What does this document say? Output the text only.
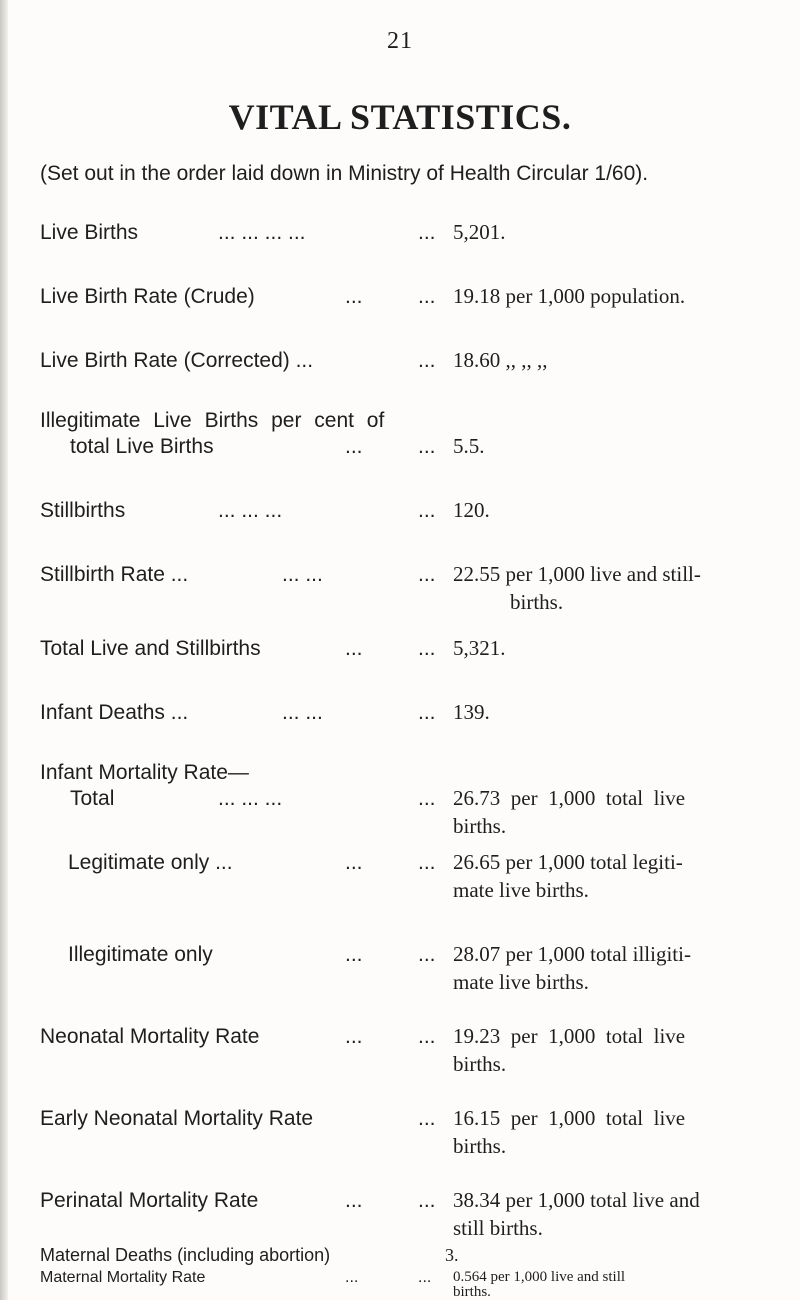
21
VITAL STATISTICS.
(Set out in the order laid down in Ministry of Health Circular 1/60).
Live Births	... ... ... ...	... 5,201.
Live Birth Rate (Crude)	...	... 19.18 per 1,000 population.
Live Birth Rate (Corrected) ...	... 18.60 ,, ,, ,,
Illegitimate Live Births per cent of
total Live Births	...	... 5.5.
Stillbirths	... ... ...	... 120.
Stillbirth Rate ...	... ...	... 22.55 per 1,000 live and still-
births.
Total Live and Stillbirths	...	... 5,321.
Infant Deaths ...	... ...	... 139.
Infant Mortality Rate—
Total	... ... ...	... 26.73  per  1,000  total  live
births.
Legitimate only ...	...	... 26.65 per 1,000 total legiti-
mate live births.
Illegitimate only	...	... 28.07 per 1,000 total illigiti-
mate live births.
Neonatal Mortality Rate	...	... 19.23  per  1,000  total  live
births.
Early Neonatal Mortality Rate	... 16.15  per  1,000  total  live
births.
Perinatal Mortality Rate	...	... 38.34 per 1,000 total live and
still births.
Maternal Deaths (including abortion)	3.
Maternal Mortality Rate	...	... 0.564 per 1,000 live and still
births.
